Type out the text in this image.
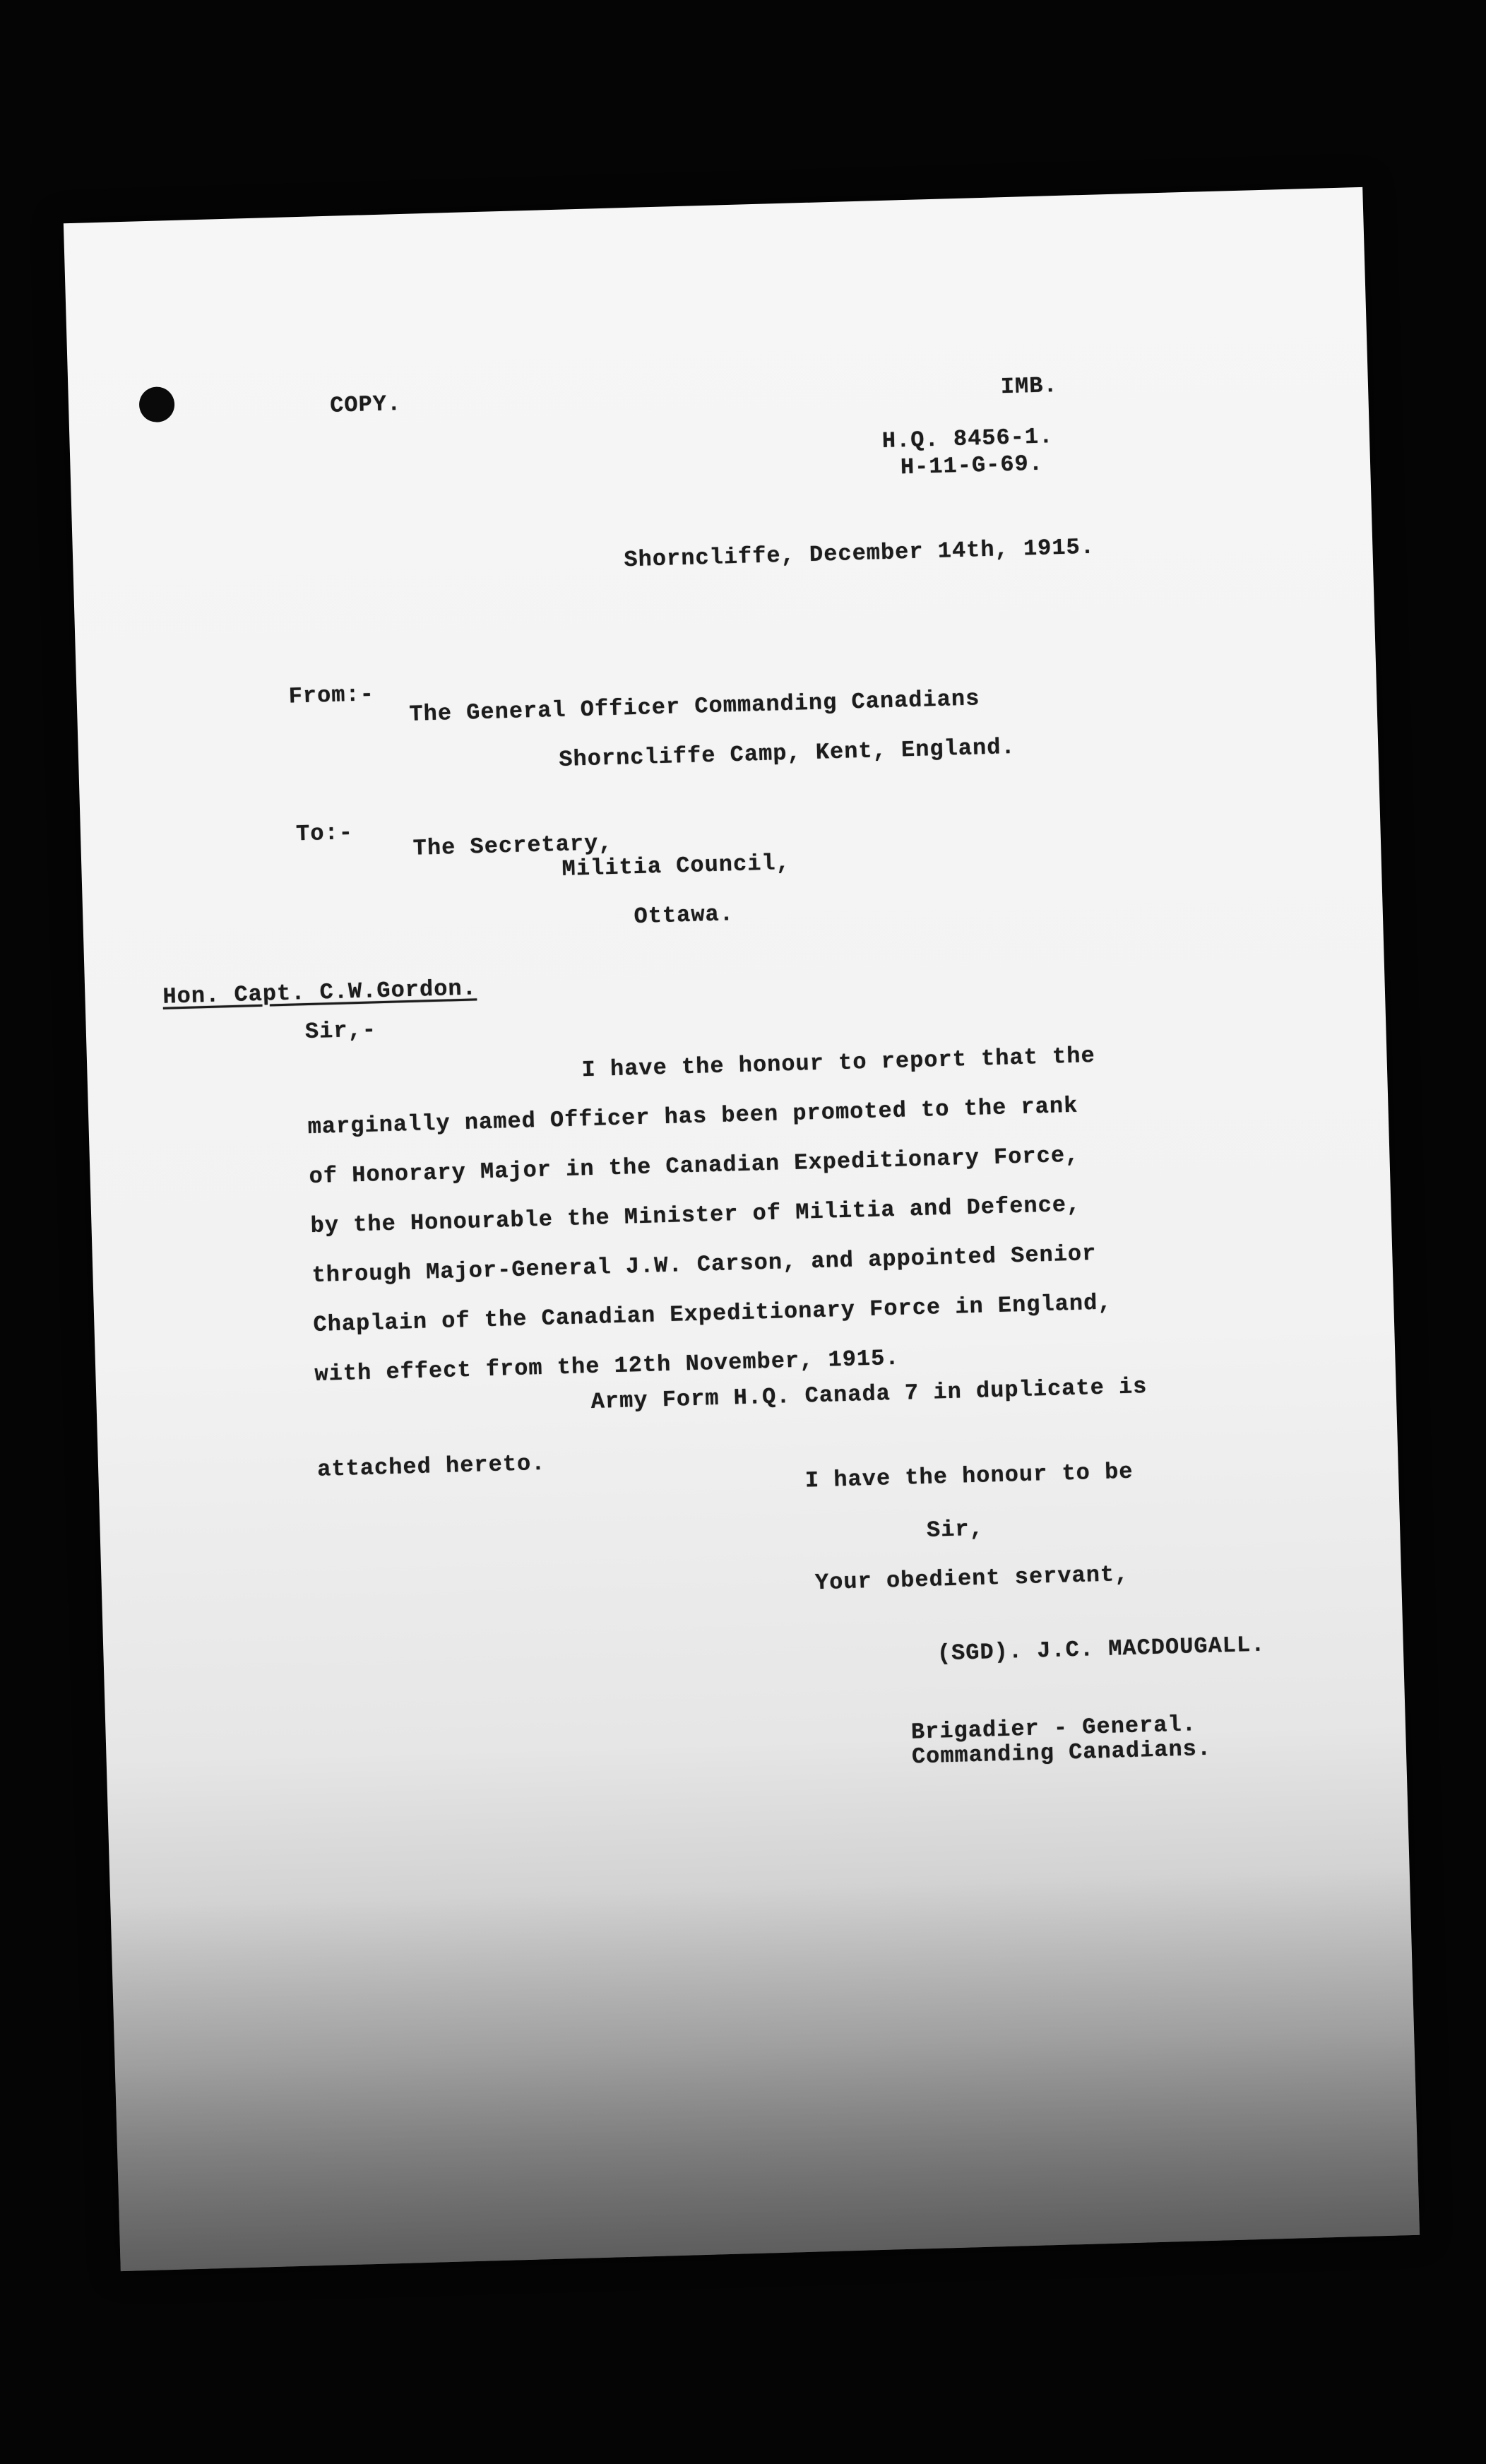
COPY.
IMB.
H.Q. 8456-1.
H-11-G-69.
Shorncliffe, December 14th, 1915.
From:- The General Officer Commanding Canadians
Shorncliffe Camp, Kent, England.
To:-	The Secretary,
Militia Council,
Ottawa.
Hon. Capt. C.W.Gordon.
Sir,-
I have the honour to report that the
marginally named Officer has been promoted to the rank
of Honorary Major in the Canadian Expeditionary Force,
by the Honourable the Minister of Militia and Defence,
through Major-General J.W. Carson, and appointed Senior
Chaplain of the Canadian Expeditionary Force in England,
with effect from the 12th November, 1915.
Army Form H.Q. Canada 7 in duplicate is
attached hereto.	I have the honour to be
Sir,
Your obedient servant,
(SGD). J.C. MACDOUGALL.
Brigadier - General.
Commanding Canadians.
